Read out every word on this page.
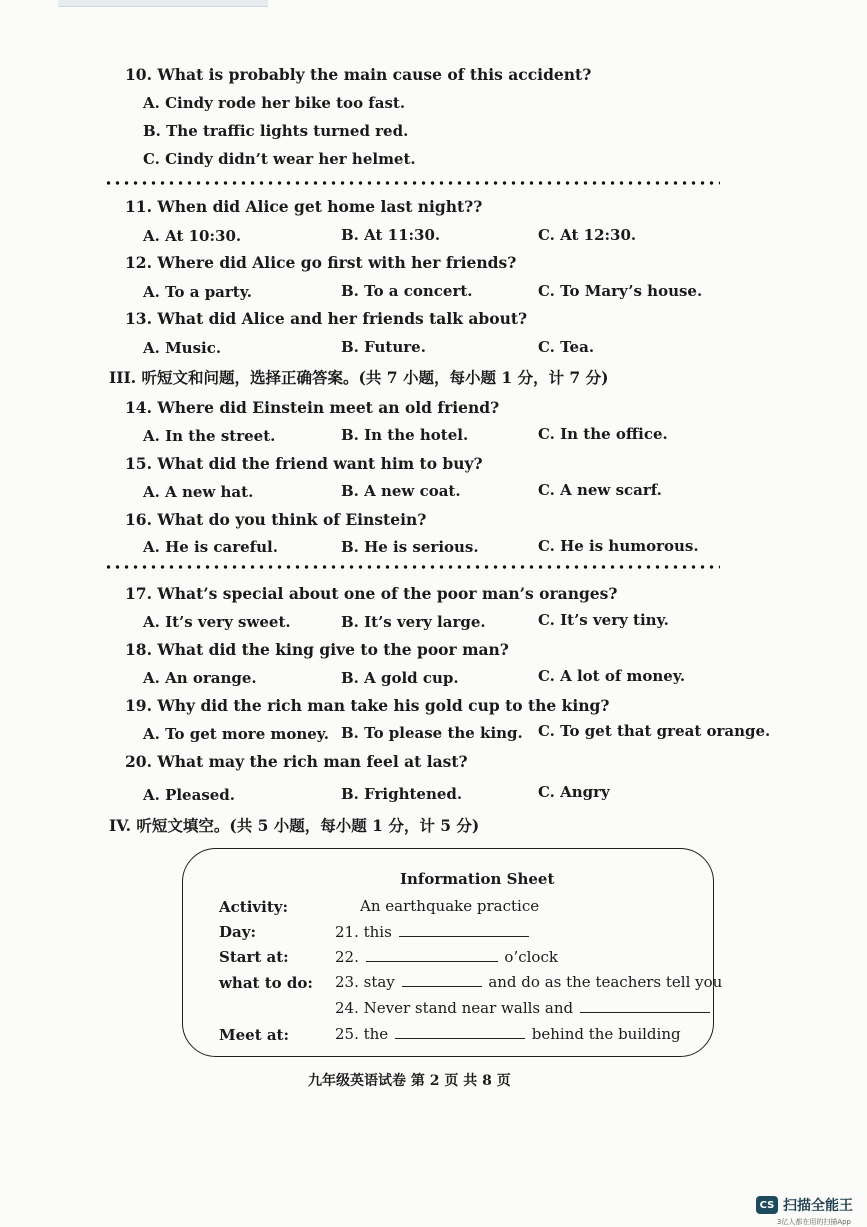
10. What is probably the main cause of this accident?
A. Cindy rode her bike too fast.
B. The traffic lights turned red.
C. Cindy didn’t wear her helmet.
11. When did Alice get home last night??
A. At 10:30.	B. At 11:30.	C. At 12:30.
12. Where did Alice go first with her friends?
A. To a party.	B. To a concert.	C. To Mary’s house.
13. What did Alice and her friends talk about?
A. Music.	B. Future.	C. Tea.
III. 听短文和问题，选择正确答案。(共 7 小题，每小题 1 分，计 7 分)
14. Where did Einstein meet an old friend?
A. In the street.	B. In the hotel.	C. In the office.
15. What did the friend want him to buy?
A. A new hat.	B. A new coat.	C. A new scarf.
16. What do you think of Einstein?
A. He is careful.	B. He is serious.	C. He is humorous.
17. What’s special about one of the poor man’s oranges?
A. It’s very sweet.	B. It’s very large.	C. It’s very tiny.
18. What did the king give to the poor man?
A. An orange.	B. A gold cup.	C. A lot of money.
19. Why did the rich man take his gold cup to the king?
A. To get more money. B. To please the king. C. To get that great orange.
20. What may the rich man feel at last?
A. Pleased.	B. Frightened.	C. Angry
IV. 听短文填空。(共 5 小题，每小题 1 分，计 5 分)
Information Sheet
Activity:	An earthquake practice
Day:	21. this
Start at:	22.	o’clock
what to do: 23. stay	and do as the teachers tell you
24. Never stand near walls and
Meet at:	25. the	behind the building
九年级英语试卷 第 2 页 共 8 页
CS 扫描全能王
3亿人都在用的扫描App
